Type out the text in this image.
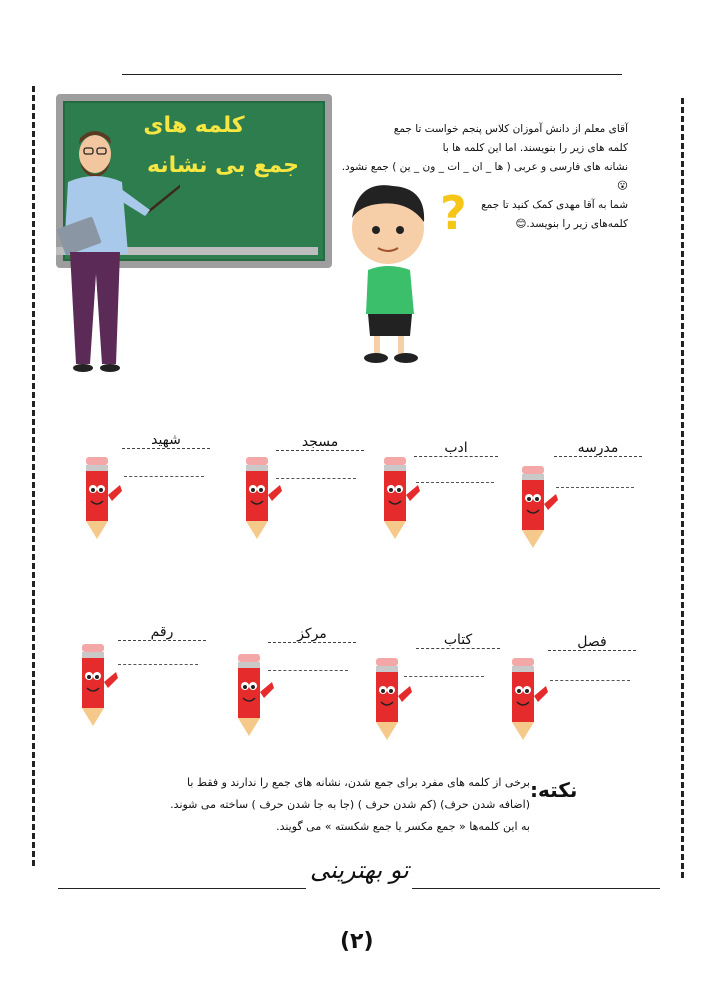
کلمه های
جمع بی نشانه
?
آقای معلم از دانش آموزان کلاس پنجم خواست تا جمع
کلمه های زیر را بنویسند. اما این کلمه ها با
نشانه های فارسی و عربی ( ها _ ان _ ات _ ون _ ین ) جمع نشود.😮
شما به آقا مهدی کمک کنید تا جمع
کلمه‌های زیر را بنویسد.😊
مدرسه
ادب
مسجد
شهید
فصل
کتاب
مرکز
رقم
نکته:
برخی از کلمه های مفرد برای جمع شدن، نشانه های جمع را ندارند و فقط با
(اضافه شدن حرف) (کم شدن حرف ) (جا به جا شدن حرف ) ساخته می شوند.
به این کلمه‌ها « جمع مکسر یا جمع شکسته » می گویند.
تو بهترینی
(۲)
